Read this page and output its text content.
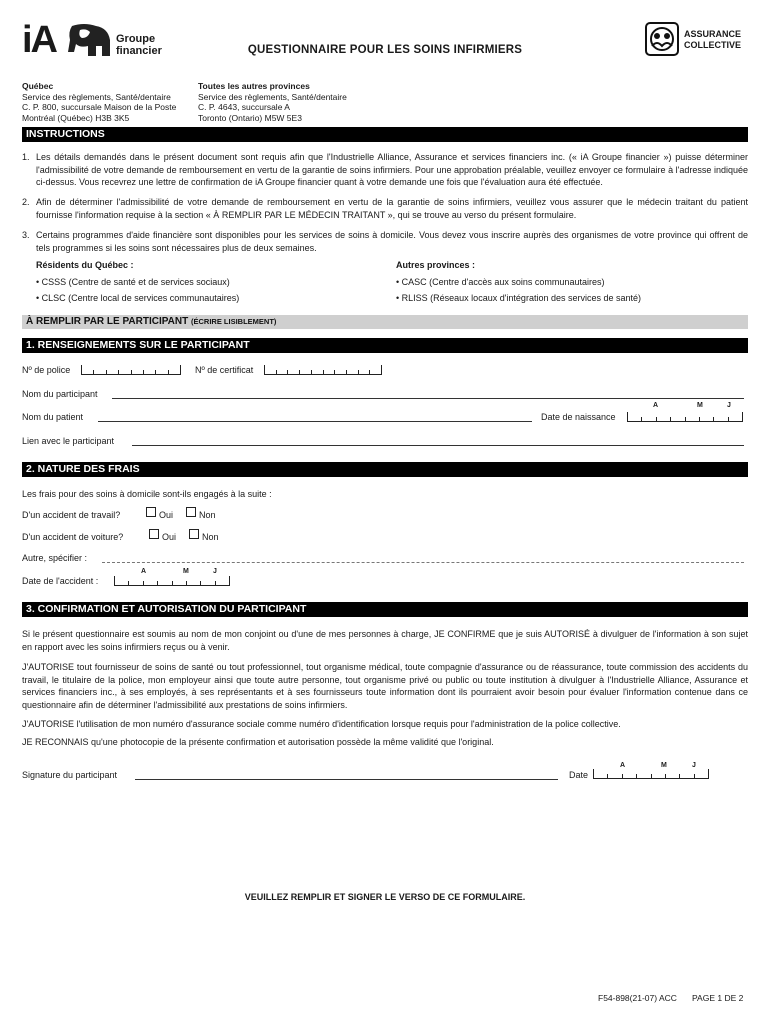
iA	Groupe
financier	QUESTIONNAIRE POUR LES SOINS INFIRMIERS
ASSURANCE
COLLECTIVE
Québec
Service des règlements, Santé/dentaire
C. P. 800, succursale Maison de la Poste
Montréal (Québec) H3B 3K5
Toutes les autres provinces
Service des règlements, Santé/dentaire
C. P. 4643, succursale A
Toronto (Ontario) M5W 5E3
INSTRUCTIONS
1. Les détails demandés dans le présent document sont requis afin que l'Industrielle Alliance, Assurance et services financiers inc. (« iA Groupe financier ») puisse déterminer l'admissibilité de votre demande de remboursement en vertu de la garantie de soins infirmiers. Pour une approbation préalable, veuillez envoyer ce formulaire à l'adresse indiquée ci-dessus. Vous recevrez une lettre de confirmation de iA Groupe financier quant à votre demande une fois que l'évaluation aura été effectuée.
2. Afin de déterminer l'admissibilité de votre demande de remboursement en vertu de la garantie de soins infirmiers, veuillez vous assurer que le médecin traitant du patient fournisse l'information requise à la section « À REMPLIR PAR LE MÉDECIN TRAITANT », qui se trouve au verso du présent formulaire.
3. Certains programmes d'aide financière sont disponibles pour les services de soins à domicile. Vous devez vous inscrire auprès des organismes de votre province qui offrent de tels programmes si les soins sont nécessaires plus de deux semaines.
Résidents du Québec :
• CSSS (Centre de santé et de services sociaux)
• CLSC (Centre local de services communautaires)
Autres provinces :
• CASC (Centre d'accès aux soins communautaires)
• RLISS (Réseaux locaux d'intégration des services de santé)
À REMPLIR PAR LE PARTICIPANT (ÉCRIRE LISIBLEMENT)
1. RENSEIGNEMENTS SUR LE PARTICIPANT
Nº de police	Nº de certificat
Nom du participant
A	M	J
Nom du patient	Date de naissance
Lien avec le participant
2. NATURE DES FRAIS
Les frais pour des soins à domicile sont-ils engagés à la suite :
D'un accident de travail?	Oui	Non
D'un accident de voiture?	Oui	Non
Autre, spécifier :
A	M	J
Date de l'accident :
3. CONFIRMATION ET AUTORISATION DU PARTICIPANT
Si le présent questionnaire est soumis au nom de mon conjoint ou d'une de mes personnes à charge, JE CONFIRME que je suis AUTORISÉ à divulguer de l'information à son sujet en rapport avec les soins infirmiers reçus ou à venir.
J'AUTORISE tout fournisseur de soins de santé ou tout professionnel, tout organisme médical, toute compagnie d'assurance ou de réassurance, toute commission des accidents du travail, le titulaire de la police, mon employeur ainsi que toute autre personne, tout organisme privé ou public ou toute institution à divulguer à l'Industrielle Alliance, Assurance et services financiers inc., à ses employés, à ses représentants et à ses fournisseurs toute information dont ils pourraient avoir besoin pour évaluer l'information contenue dans ce questionnaire afin de déterminer l'admissibilité aux prestations de soins infirmiers.
J'AUTORISE l'utilisation de mon numéro d'assurance sociale comme numéro d'identification lorsque requis pour l'administration de la police collective.
JE RECONNAIS qu'une photocopie de la présente confirmation et autorisation possède la même validité que l'original.
Signature du participant
A	M	J
Date
VEUILLEZ REMPLIR ET SIGNER LE VERSO DE CE FORMULAIRE.
F54-898(21-07) ACC PAGE 1 DE 2
